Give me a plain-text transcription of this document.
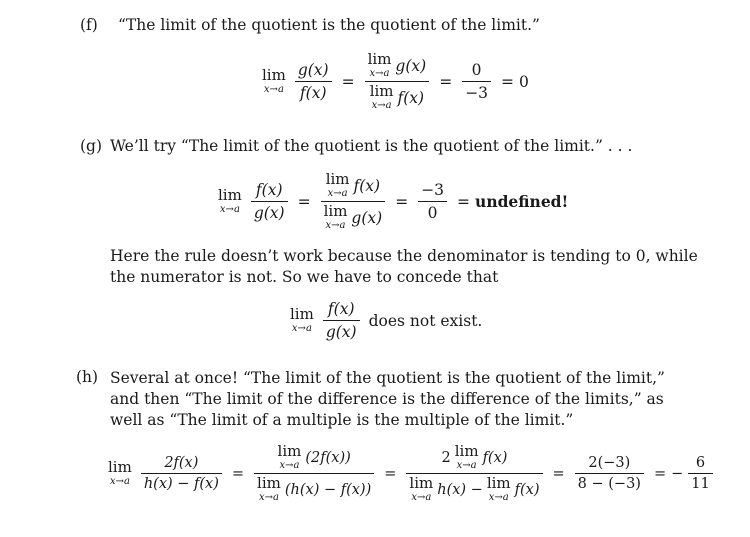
(f) “The limit of the quotient is the quotient of the limit.”
lim
$x\to a \frac{g(x)}{f(x)} = \lim$
x→a g(x)
lim
x→a $f(x) = \frac{0}{-3} = 0$
(g) We’ll try “The limit of the quotient is the quotient of the limit.” . . .
lim
$x\to a \frac{f(x)}{g(x)} = \lim$
x→a f(x)
lim
x→a $g(x) = \frac{-3}{0}$ = undefined!
Here the rule doesn’t work because the denominator is tending to 0, while
the numerator is not. So we have to concede that
lim
$x\to a \frac{f(x)}{g(x)}$ does not exist.
(h) Several at once! “The limit of the quotient is the quotient of the limit,”
and then “The limit of the difference is the difference of the limits,” as
well as “The limit of a multiple is the multiple of the limit.”
lim
$x\to a \frac{2f(x)}{h(x) - f(x)} = \lim$
x→a (2f(x))
lim
x→a (h(x) − f(x)) = 2 lim
x→a f(x)
lim
x→a h(x) − lim
x→a $f(x) = \frac{2(-3)}{8 - (-3)}$ = − $\frac{6}{11}$
